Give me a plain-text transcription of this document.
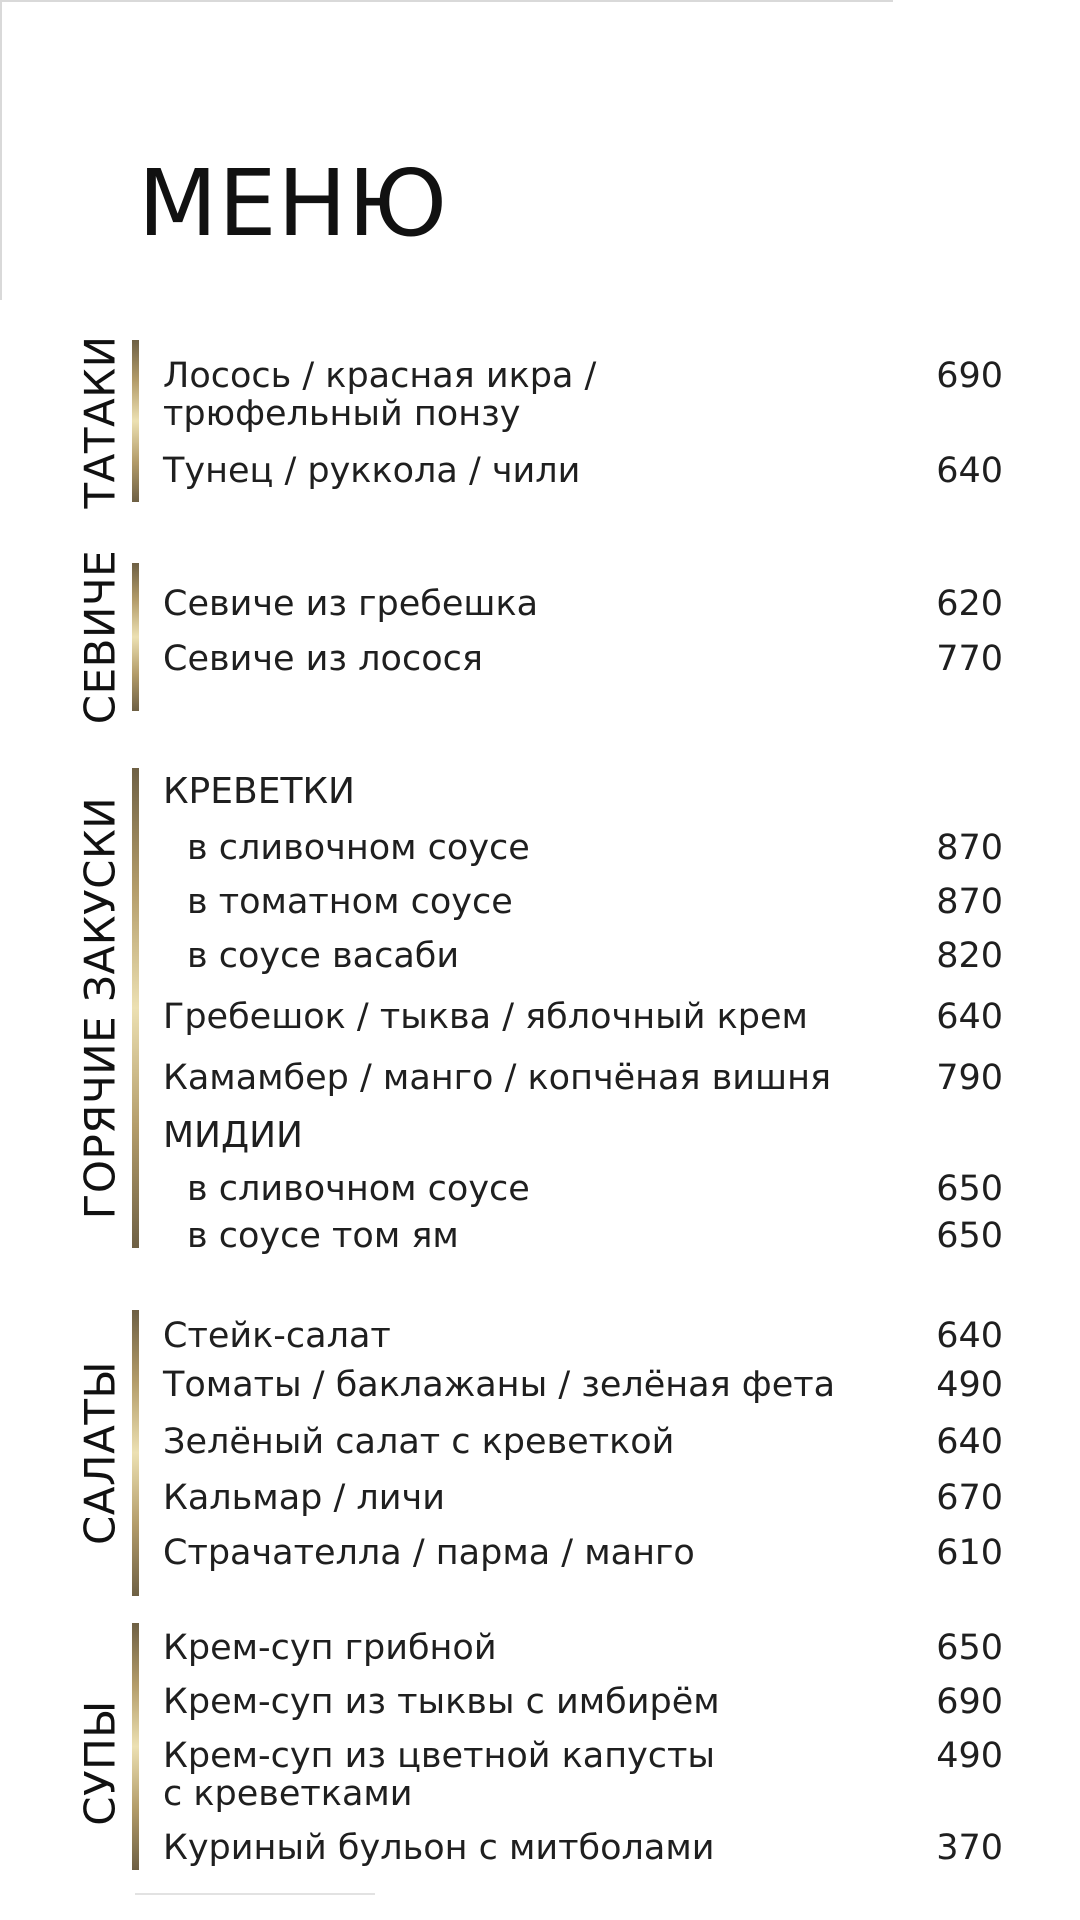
МЕНЮ
ТАТАКИ Лосось / красная икра /
трюфельный понзу
690
Тунец / руккола / чили	640
СЕВИЧЕ Севиче из гребешка	620
Севиче из лосося	770
ГОРЯЧИЕ ЗАКУСКИ
КРЕВЕТКИ
в сливочном соусе	870
в томатном соусе	870
в соусе васаби	820
Гребешок / тыква / яблочный крем	640
Камамбер / манго / копчёная вишня	790
МИДИИ
в сливочном соусе	650
в соусе том ям	650
САЛАТЫ
Стейк-салат	640
Томаты / баклажаны / зелёная фета	490
Зелёный салат с креветкой	640
Кальмар / личи	670
Страчателла / парма / манго	610
СУПЫ
Крем-суп грибной	650
Крем-суп из тыквы с имбирём	690
Крем-суп из цветной капусты
с креветками
490
Куриный бульон с митболами	370
